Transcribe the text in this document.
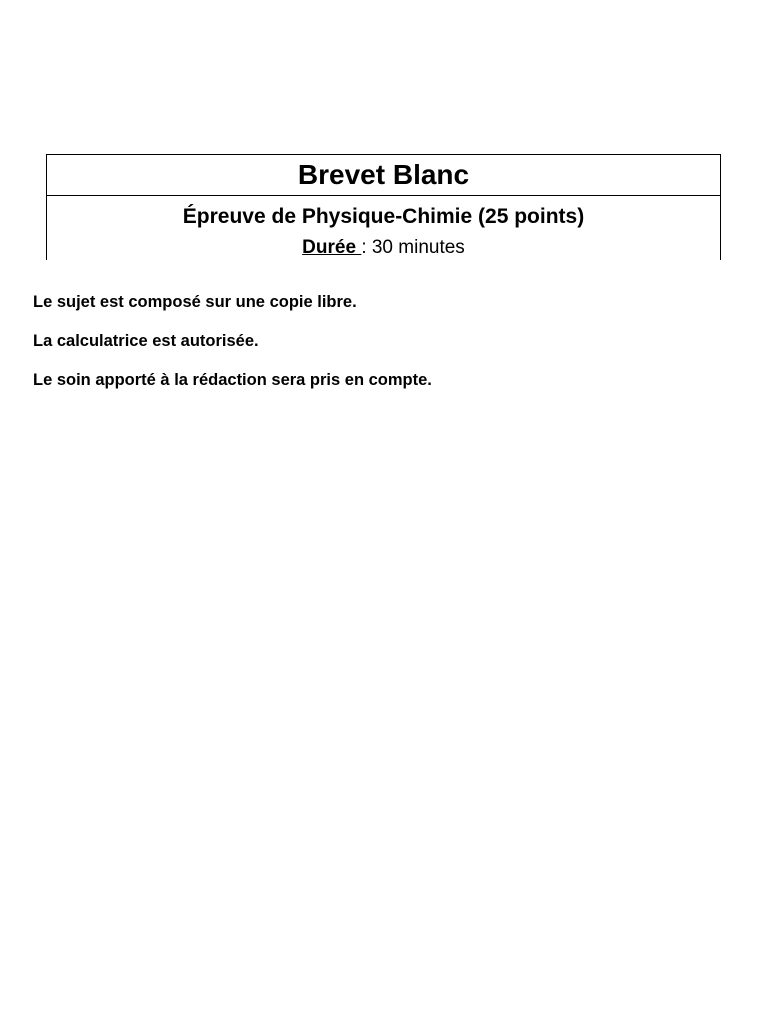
Brevet Blanc
Épreuve de Physique-Chimie (25 points)
Durée : 30 minutes
Le sujet est composé sur une copie libre.
La calculatrice est autorisée.
Le soin apporté à la rédaction sera pris en compte.
